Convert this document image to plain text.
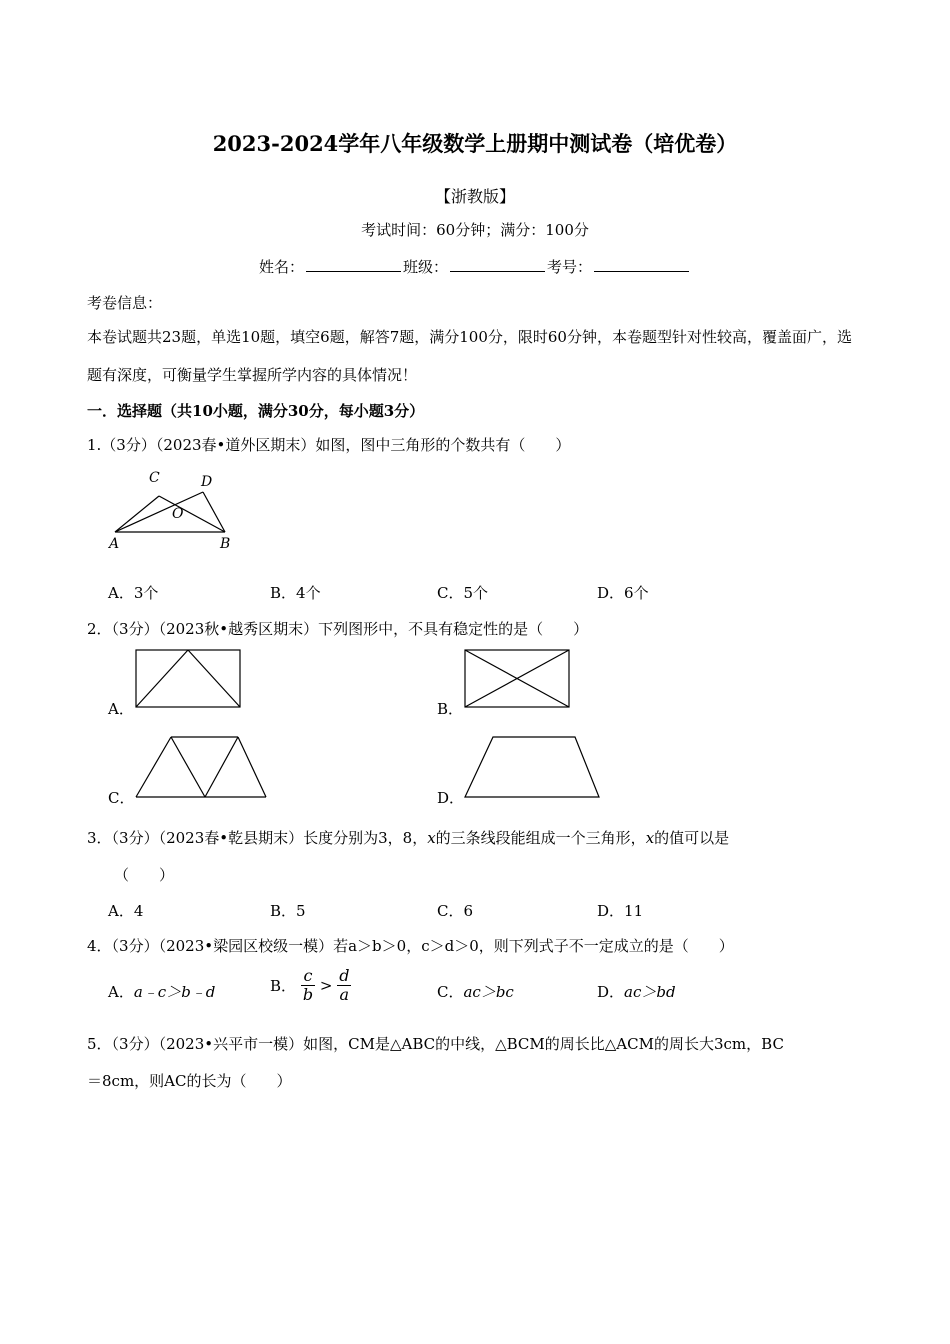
2023-2024学年八年级数学上册期中测试卷（培优卷）
【浙教版】
考试时间：60分钟；满分：100分
姓名：	班级：	考号：
考卷信息：
本卷试题共23题，单选10题，填空6题，解答7题，满分100分，限时60分钟，本卷题型针对性较高，覆盖面广，选题有深度，可衡量学生掌握所学内容的具体情况！
一．选择题（共10小题，满分30分，每小题3分）
1.（3分）（2023春•道外区期末）如图，图中三角形的个数共有（　　）
C	D
O
A	B
A．3个	B．4个	C．5个	D．6个
2．（3分）（2023秋•越秀区期末）下列图形中，不具有稳定性的是（　　）
A．	B．
C．	D．
3．（3分）（2023春•乾县期末）长度分别为3，8，x的三条线段能组成一个三角形，x的值可以是
（　　）
A．4	B．5	C．6	D．11
4．（3分）（2023•梁园区校级一模）若a＞b＞0，c＞d＞0，则下列式子不一定成立的是（　　）
A．a﹣c＞b﹣d	B． $\frac{c}{b} > \frac{d}{a}$	C．ac＞bc	D．ac＞bd
5．（3分）（2023•兴平市一模）如图，CM是△ABC的中线，△BCM的周长比△ACM的周长大3cm，BC
＝8cm，则AC的长为（　　）
